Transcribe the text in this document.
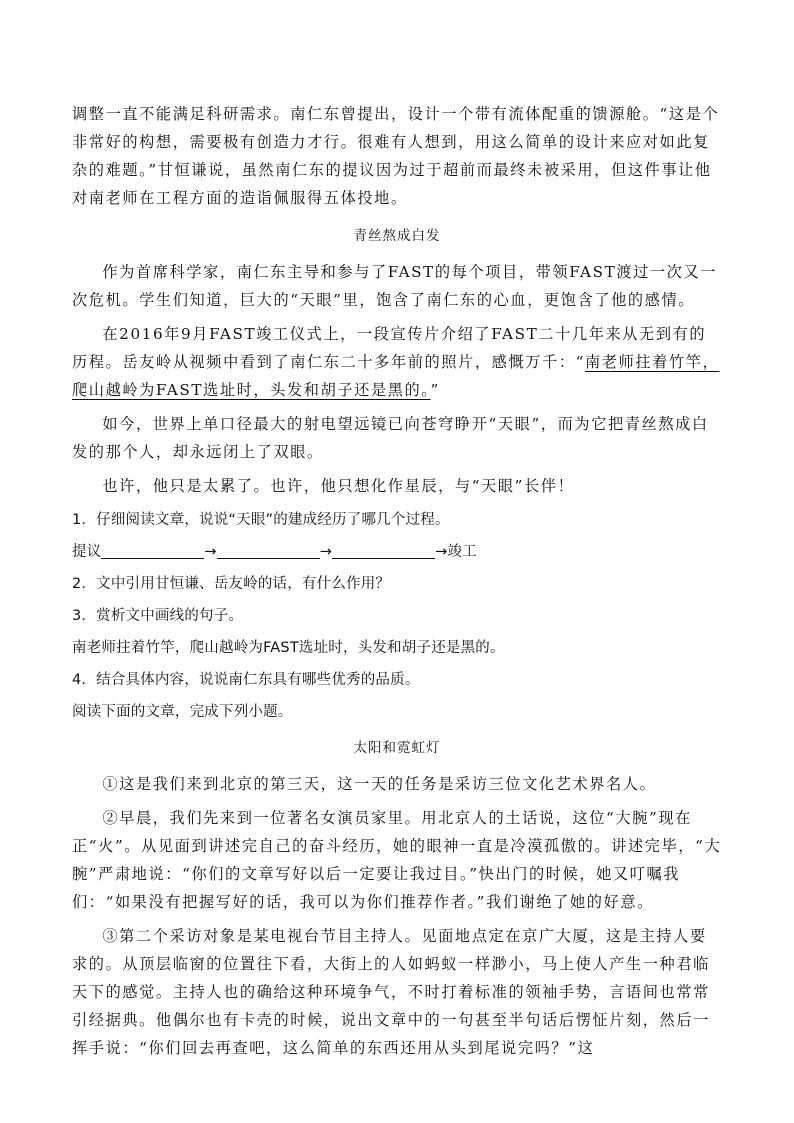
调整一直不能满足科研需求。南仁东曾提出，设计一个带有流体配重的馈源舱。“这是个非常好的构想，需要极有创造力才行。很难有人想到，用这么简单的设计来应对如此复杂的难题。”甘恒谦说，虽然南仁东的提议因为过于超前而最终未被采用，但这件事让他对南老师在工程方面的造诣佩服得五体投地。

青丝熬成白发

作为首席科学家，南仁东主导和参与了FAST的每个项目，带领FAST渡过一次又一次危机。学生们知道，巨大的“天眼”里，饱含了南仁东的心血，更饱含了他的感情。

在2016年9月FAST竣工仪式上，一段宣传片介绍了FAST二十几年来从无到有的历程。岳友岭从视频中看到了南仁东二十多年前的照片，感慨万千：“南老师拄着竹竿，爬山越岭为FAST选址时，头发和胡子还是黑的。”

如今，世界上单口径最大的射电望远镜已向苍穹睁开“天眼”，而为它把青丝熬成白发的那个人，却永远闭上了双眼。

也许，他只是太累了。也许，他只想化作星辰，与“天眼”长伴！

1．仔细阅读文章，说说“天眼”的建成经历了哪几个过程。

提议	→	→	→竣工

2．文中引用甘恒谦、岳友岭的话，有什么作用？

3．赏析文中画线的句子。

南老师拄着竹竿，爬山越岭为FAST选址时，头发和胡子还是黑的。

4．结合具体内容，说说南仁东具有哪些优秀的品质。

阅读下面的文章，完成下列小题。

太阳和霓虹灯

①这是我们来到北京的第三天，这一天的任务是采访三位文化艺术界名人。

②早晨，我们先来到一位著名女演员家里。用北京人的土话说，这位“大腕”现在正“火”。从见面到讲述完自己的奋斗经历，她的眼神一直是冷漠孤傲的。讲述完毕，“大腕”严肃地说：“你们的文章写好以后一定要让我过目。”快出门的时候，她又叮嘱我们：“如果没有把握写好的话，我可以为你们推荐作者。”我们谢绝了她的好意。

③第二个采访对象是某电视台节目主持人。见面地点定在京广大厦，这是主持人要求的。从顶层临窗的位置往下看，大街上的人如蚂蚁一样渺小，马上使人产生一种君临天下的感觉。主持人也的确给这种环境争气，不时打着标准的领袖手势，言语间也常常引经据典。他偶尔也有卡壳的时候，说出文章中的一句甚至半句话后愣怔片刻，然后一挥手说：“你们回去再查吧，这么简单的东西还用从头到尾说完吗？”这
